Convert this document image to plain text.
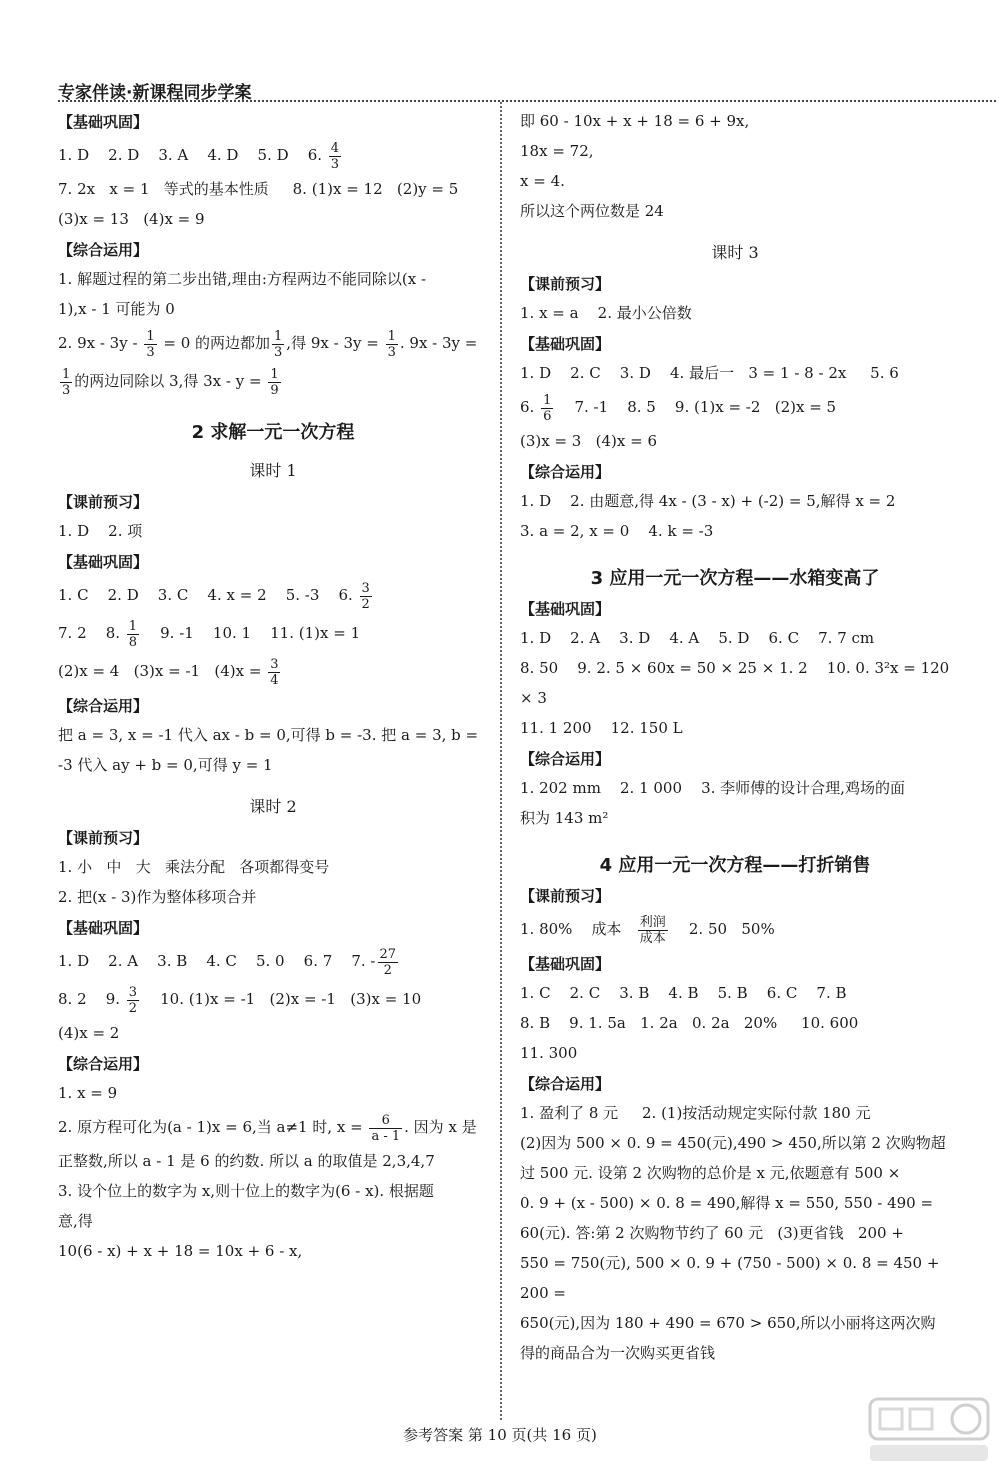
专家伴读·新课程同步学案
【基础巩固】

1. D    2. D    3. A    4. D    5. D    6. $\frac{4}{3}$

7. 2x   x = 1   等式的基本性质     8. (1)x = 12   (2)y = 5

(3)x = 13   (4)x = 9

【综合运用】

1. 解题过程的第二步出错,理由:方程两边不能同除以(x -

1),x - 1 可能为 0

2. $9x - 3y - \frac{1}{3} = 0$ 的两边都加 $\frac{1}{3}$ ,得 $9x - 3y = \frac{1}{3}$ . 9x - 3y =

$\frac{1}{3}$ 的两边同除以 3,得 $3x - y = \frac{1}{9}$

2 求解一元一次方程
课时 1
【课前预习】

1. D    2. 项

【基础巩固】

1. C    2. D    3. C    4. x = 2    5. -3    6. $\frac{3}{2}$

7. 2    8. $\frac{1}{8} 9$. -1    10. 1    11. (1)x = 1

(2)x = 4   (3)x = -1   $(4)x = \frac{3}{4}$

【综合运用】

把 a = 3, x = -1 代入 ax - b = 0,可得 b = -3. 把 a = 3, b =

-3 代入 ay + b = 0,可得 y = 1

课时 2
【课前预习】

1. 小   中   大   乘法分配   各项都得变号

2. 把(x - 3)作为整体移项合并

【基础巩固】

1. D    2. A    3. B    4. C    5. 0    6. 7    7. - $\frac{27}{2}$

8. 2    9. $\frac{3}{2} 10$. (1)x = -1   (2)x = -1   (3)x = 10

(4)x = 2

【综合运用】

1. x = 9

2. 原方程可化为(a - 1)x = 6,当 a≠1 时, $x = \frac{6}{a - 1}$ . 因为 x 是

正整数,所以 a - 1 是 6 的约数. 所以 a 的取值是 2,3,4,7

3. 设个位上的数字为 x,则十位上的数字为(6 - x). 根据题

意,得

10(6 - x) + x + 18 = 10x + 6 - x,

即 60 - 10x + x + 18 = 6 + 9x,

18x = 72,

x = 4.

所以这个两位数是 24

课时 3
【课前预习】

1. x = a    2. 最小公倍数

【基础巩固】

1. D    2. C    3. D    4. 最后一   3 = 1 - 8 - 2x     5. 6

6. $\frac{1}{6} 7$. -1    8. 5    9. (1)x = -2   (2)x = 5

(3)x = 3   (4)x = 6

【综合运用】

1. D    2. 由题意,得 4x - (3 - x) + (-2) = 5,解得 x = 2

3. a = 2, x = 0    4. k = -3

3 应用一元一次方程——水箱变高了
【基础巩固】

1. D    2. A    3. D    4. A    5. D    6. C    7. 7 cm

8. 50    9. 2. 5 × 60x = 50 × 25 × 1. 2    10. 0. 3²x = 120 × 3

11. 1 200    12. 150 L

【综合运用】

1. 202 mm    2. 1 000    3. 李师傅的设计合理,鸡场的面

积为 143 m²

4 应用一元一次方程——打折销售
【课前预习】

1. 80%    成本 $\frac{\text{利润}}{\text{成本}} 2$. 50   50%

【基础巩固】

1. C    2. C    3. B    4. B    5. B    6. C    7. B

8. B    9. 1. 5a   1. 2a   0. 2a   20%     10. 600

11. 300

【综合运用】

1. 盈利了 8 元     2. (1)按活动规定实际付款 180 元

(2)因为 500 × 0. 9 = 450(元),490 > 450,所以第 2 次购物超

过 500 元. 设第 2 次购物的总价是 x 元,依题意有 500 ×

0. 9 + (x - 500) × 0. 8 = 490,解得 x = 550, 550 - 490 =

60(元). 答:第 2 次购物节约了 60 元   (3)更省钱   200 +

550 = 750(元), 500 × 0. 9 + (750 - 500) × 0. 8 = 450 + 200 =

650(元),因为 180 + 490 = 670 > 650,所以小丽将这两次购

得的商品合为一次购买更省钱

参考答案 第 10 页(共 16 页)
